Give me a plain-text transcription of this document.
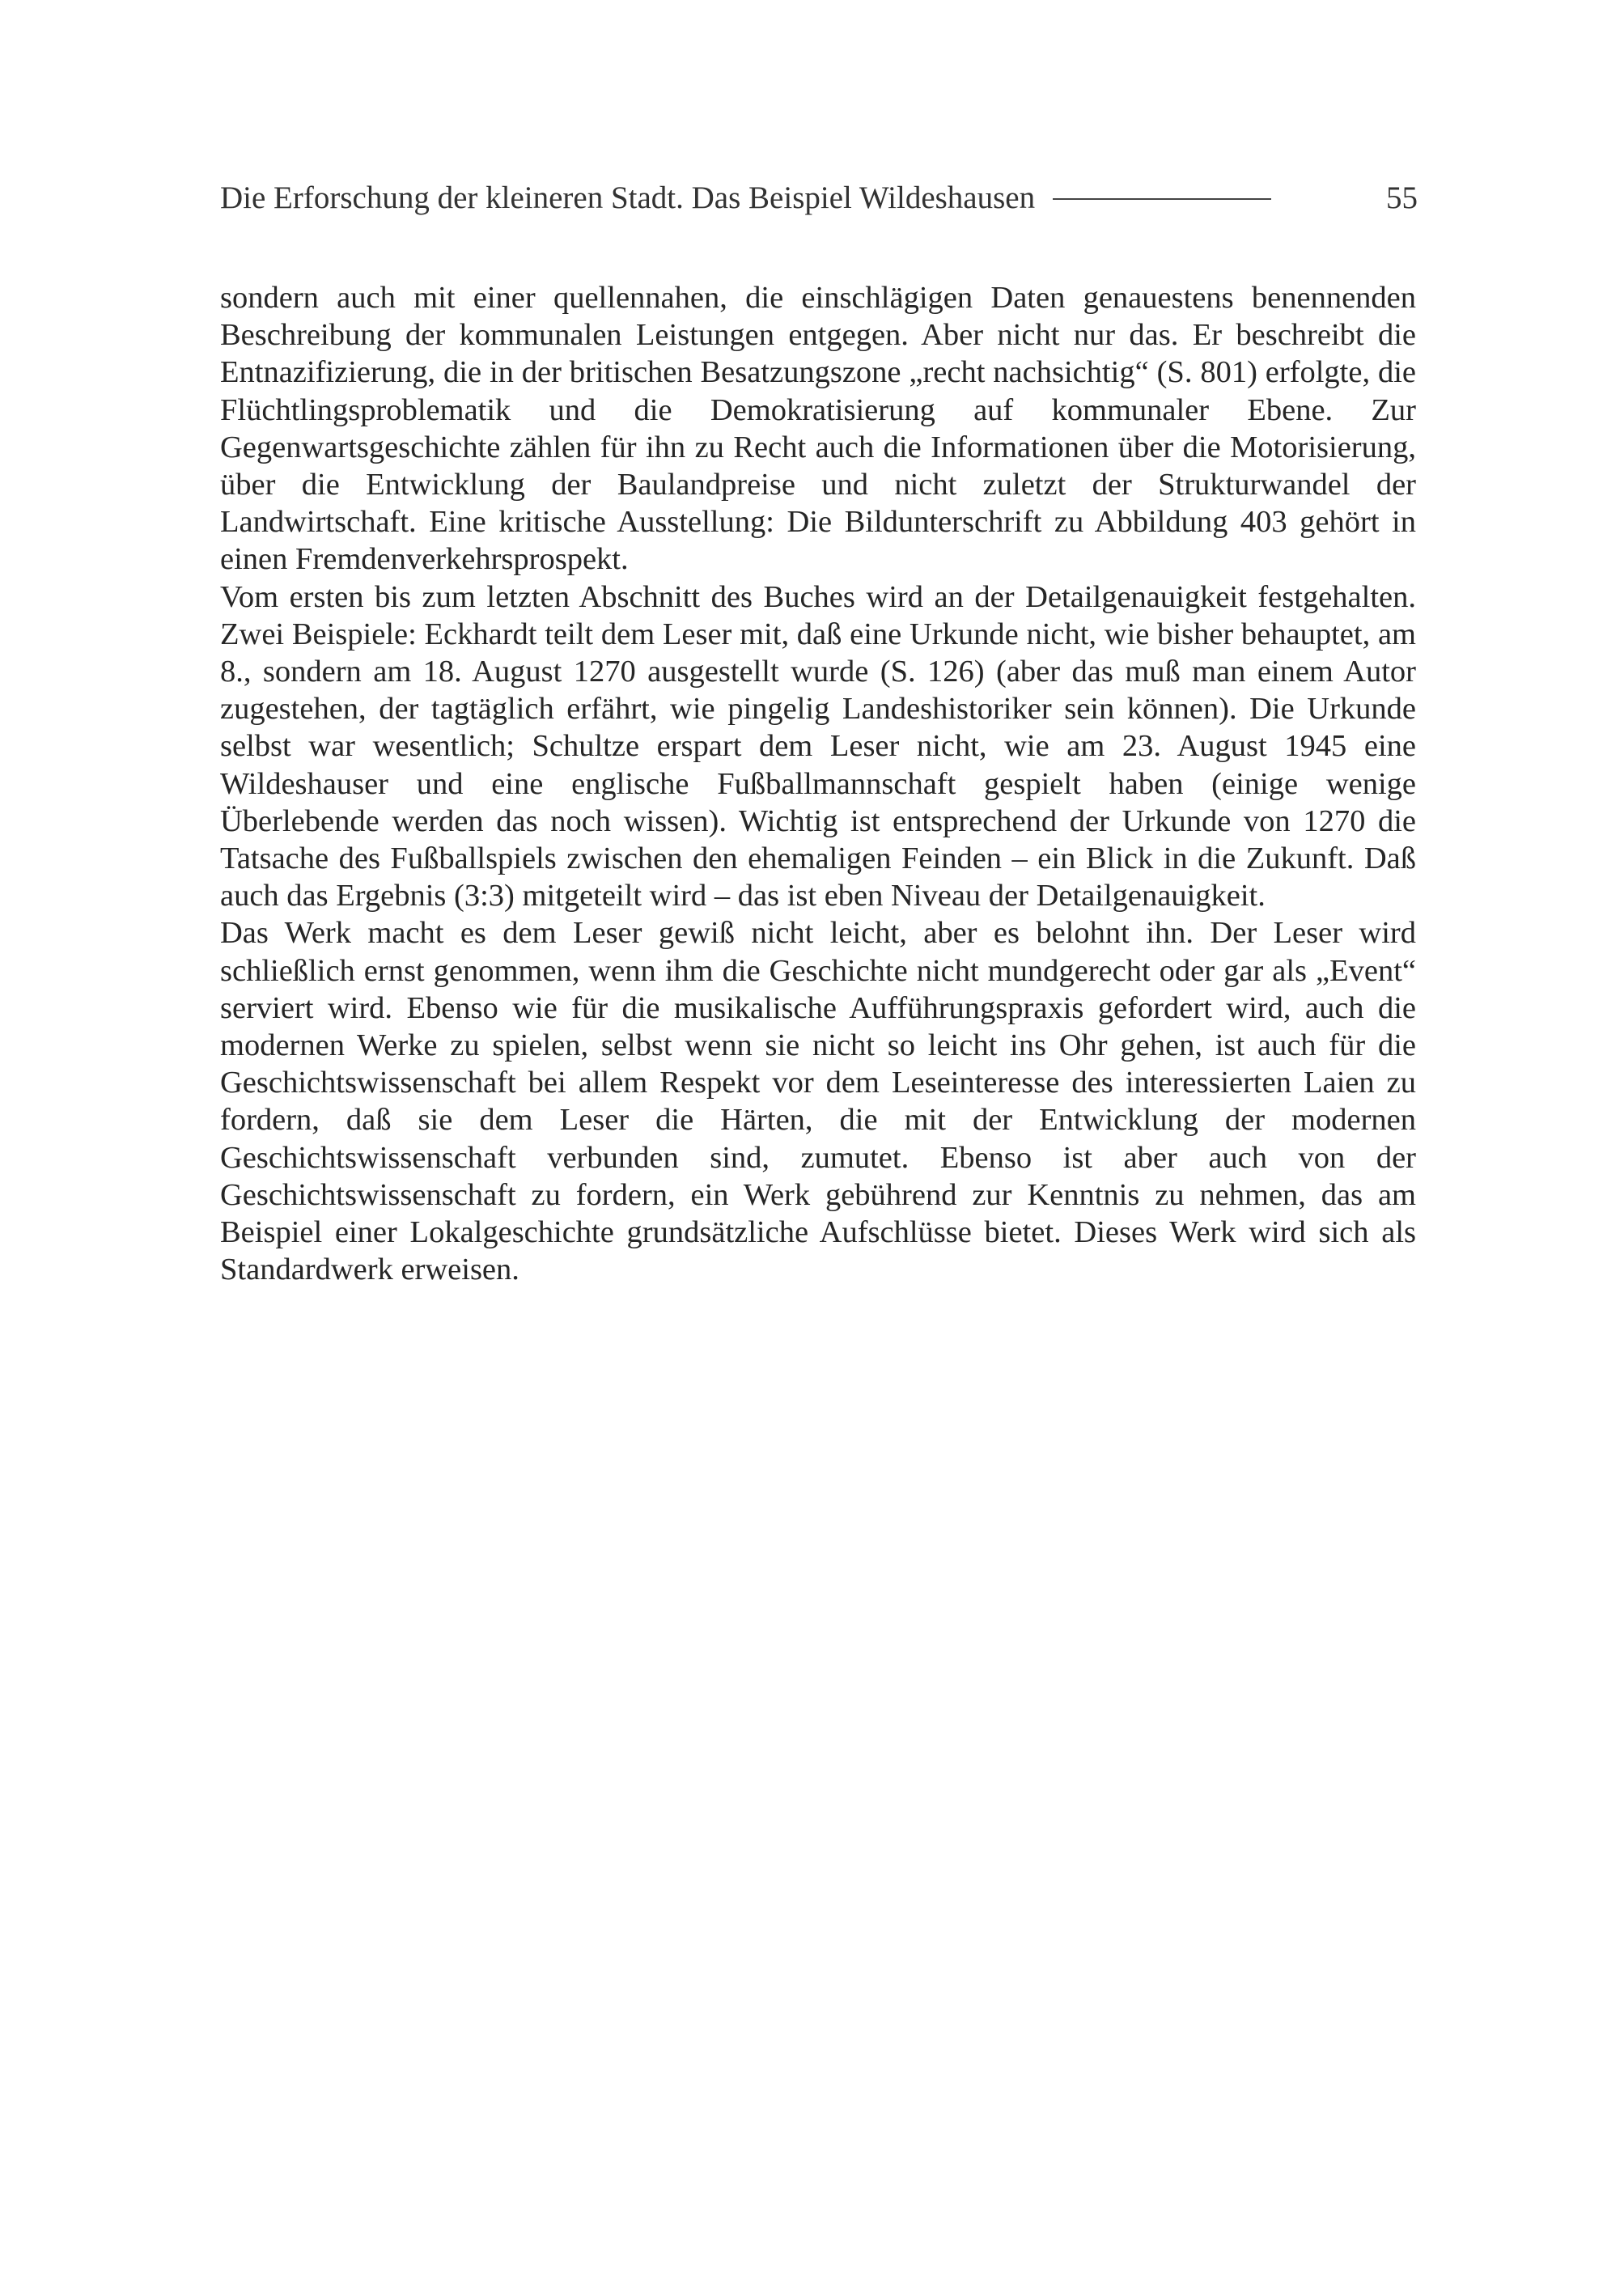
Die Erforschung der kleineren Stadt. Das Beispiel Wildeshausen	55

sondern auch mit einer quellennahen, die einschlägigen Daten genauestens benennenden Beschreibung der kommunalen Leistungen entgegen. Aber nicht nur das. Er beschreibt die Entnazifizierung, die in der britischen Besatzungszone „recht nachsichtig“ (S. 801) erfolgte, die Flüchtlingsproblematik und die Demokratisierung auf kommunaler Ebene. Zur Gegenwartsgeschichte zählen für ihn zu Recht auch die Informationen über die Motorisierung, über die Entwicklung der Baulandpreise und nicht zuletzt der Strukturwandel der Landwirtschaft. Eine kritische Ausstellung: Die Bildunterschrift zu Abbildung 403 gehört in einen Fremdenverkehrsprospekt.

Vom ersten bis zum letzten Abschnitt des Buches wird an der Detailgenauigkeit festgehalten. Zwei Beispiele: Eckhardt teilt dem Leser mit, daß eine Urkunde nicht, wie bisher behauptet, am 8., sondern am 18. August 1270 ausgestellt wurde (S. 126) (aber das muß man einem Autor zugestehen, der tagtäglich erfährt, wie pingelig Landeshistoriker sein können). Die Urkunde selbst war wesentlich; Schultze erspart dem Leser nicht, wie am 23. August 1945 eine Wildeshauser und eine englische Fußballmannschaft gespielt haben (einige wenige Überlebende werden das noch wissen). Wichtig ist entsprechend der Urkunde von 1270 die Tatsache des Fußballspiels zwischen den ehemaligen Feinden – ein Blick in die Zukunft. Daß auch das Ergebnis (3:3) mitgeteilt wird – das ist eben Niveau der Detailgenauigkeit.

Das Werk macht es dem Leser gewiß nicht leicht, aber es belohnt ihn. Der Leser wird schließlich ernst genommen, wenn ihm die Geschichte nicht mundgerecht oder gar als „Event“ serviert wird. Ebenso wie für die musikalische Aufführungspraxis gefordert wird, auch die modernen Werke zu spielen, selbst wenn sie nicht so leicht ins Ohr gehen, ist auch für die Geschichtswissenschaft bei allem Respekt vor dem Leseinteresse des interessierten Laien zu fordern, daß sie dem Leser die Härten, die mit der Entwicklung der modernen Geschichtswissenschaft verbunden sind, zumutet. Ebenso ist aber auch von der Geschichtswissenschaft zu fordern, ein Werk gebührend zur Kenntnis zu nehmen, das am Beispiel einer Lokalgeschichte grundsätzliche Aufschlüsse bietet. Dieses Werk wird sich als Standardwerk erweisen.
